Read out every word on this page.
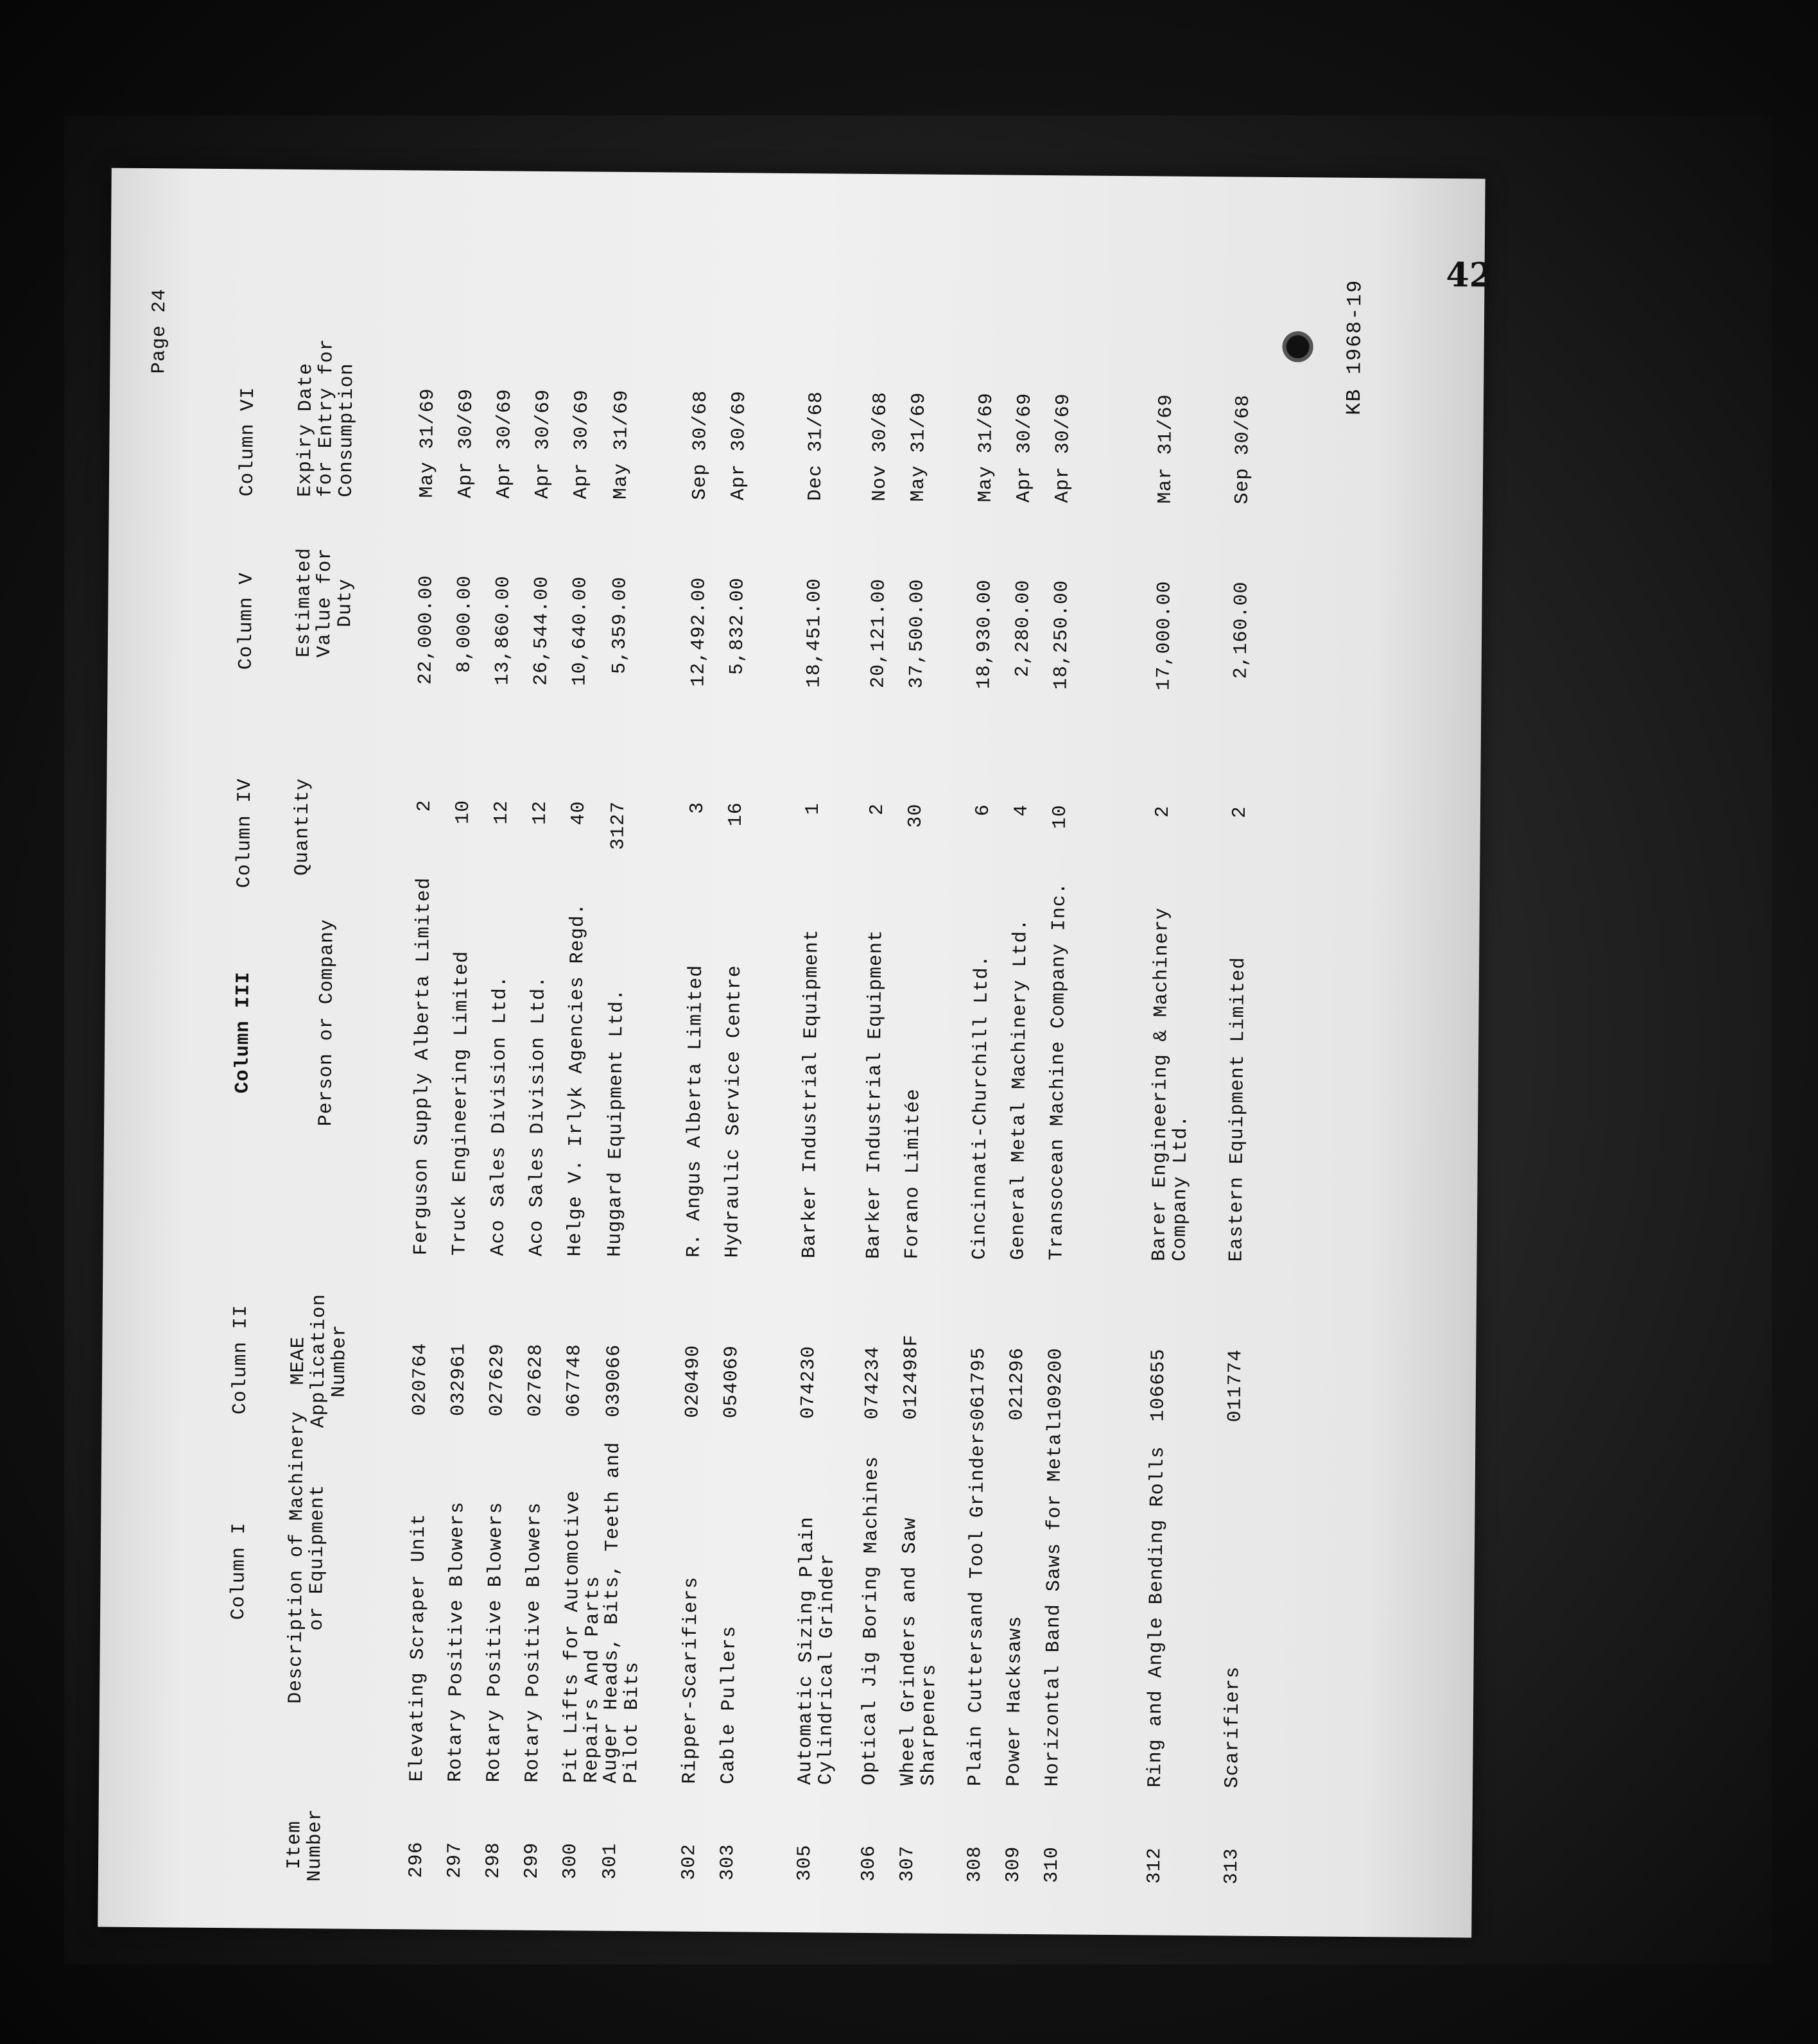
42
Page 24	KB 1968-19
Column I
Column II
Column III
Column IV
Column V
Column VI
Item Number
Description of Machinery
or Equipment
MEAE
Application
Number
Person or Company
Quantity
Estimated
Value for
Duty
Expiry Date
for Entry for
Consumption
296
Elevating Scraper Unit
020764
Ferguson Supply Alberta Limited
2
22,000.00
May 31/69
297
Rotary Positive Blowers
032961
Truck Engineering Limited
10
8,000.00
Apr 30/69
298
Rotary Positive Blowers
027629
Aco Sales Division Ltd.
12
13,860.00
Apr 30/69
299
Rotary Positive Blowers
027628
Aco Sales Division Ltd.
12
26,544.00
Apr 30/69
300
Pit Lifts for Automotive
Repairs And Parts
067748
Helge V. Irlyk Agencies Regd.
40
10,640.00
Apr 30/69
301
Auger Heads, Bits, Teeth and
Pilot Bits
039066
Huggard Equipment Ltd.
3127
5,359.00
May 31/69
302
Ripper-Scarifiers
020490
R. Angus Alberta Limited
3
12,492.00
Sep 30/68
303
Cable Pullers
054069
Hydraulic Service Centre
16
5,832.00
Apr 30/69
305
Automatic Sizing Plain
Cylindrical Grinder
074230
Barker Industrial Equipment
1
18,451.00
Dec 31/68
306
Optical Jig Boring Machines
074234
Barker Industrial Equipment
2
20,121.00
Nov 30/68
307
Wheel Grinders and Saw
Sharpeners
012498F
Forano Limitée
30
37,500.00
May 31/69
308
Plain Cuttersand Tool Grinders
061795
Cincinnati-Churchill Ltd.
6
18,930.00
May 31/69
309
Power Hacksaws
021296
General Metal Machinery Ltd.
4
2,280.00
Apr 30/69
310
Horizontal Band Saws for Metal
109200
Transocean Machine Company Inc.
10
18,250.00
Apr 30/69
312
Ring and Angle Bending Rolls
106655
Barer Engineering & Machinery
Company Ltd.
2
17,000.00
Mar 31/69
313
Scarifiers
011774
Eastern Equipment Limited
2
2,160.00
Sep 30/68
